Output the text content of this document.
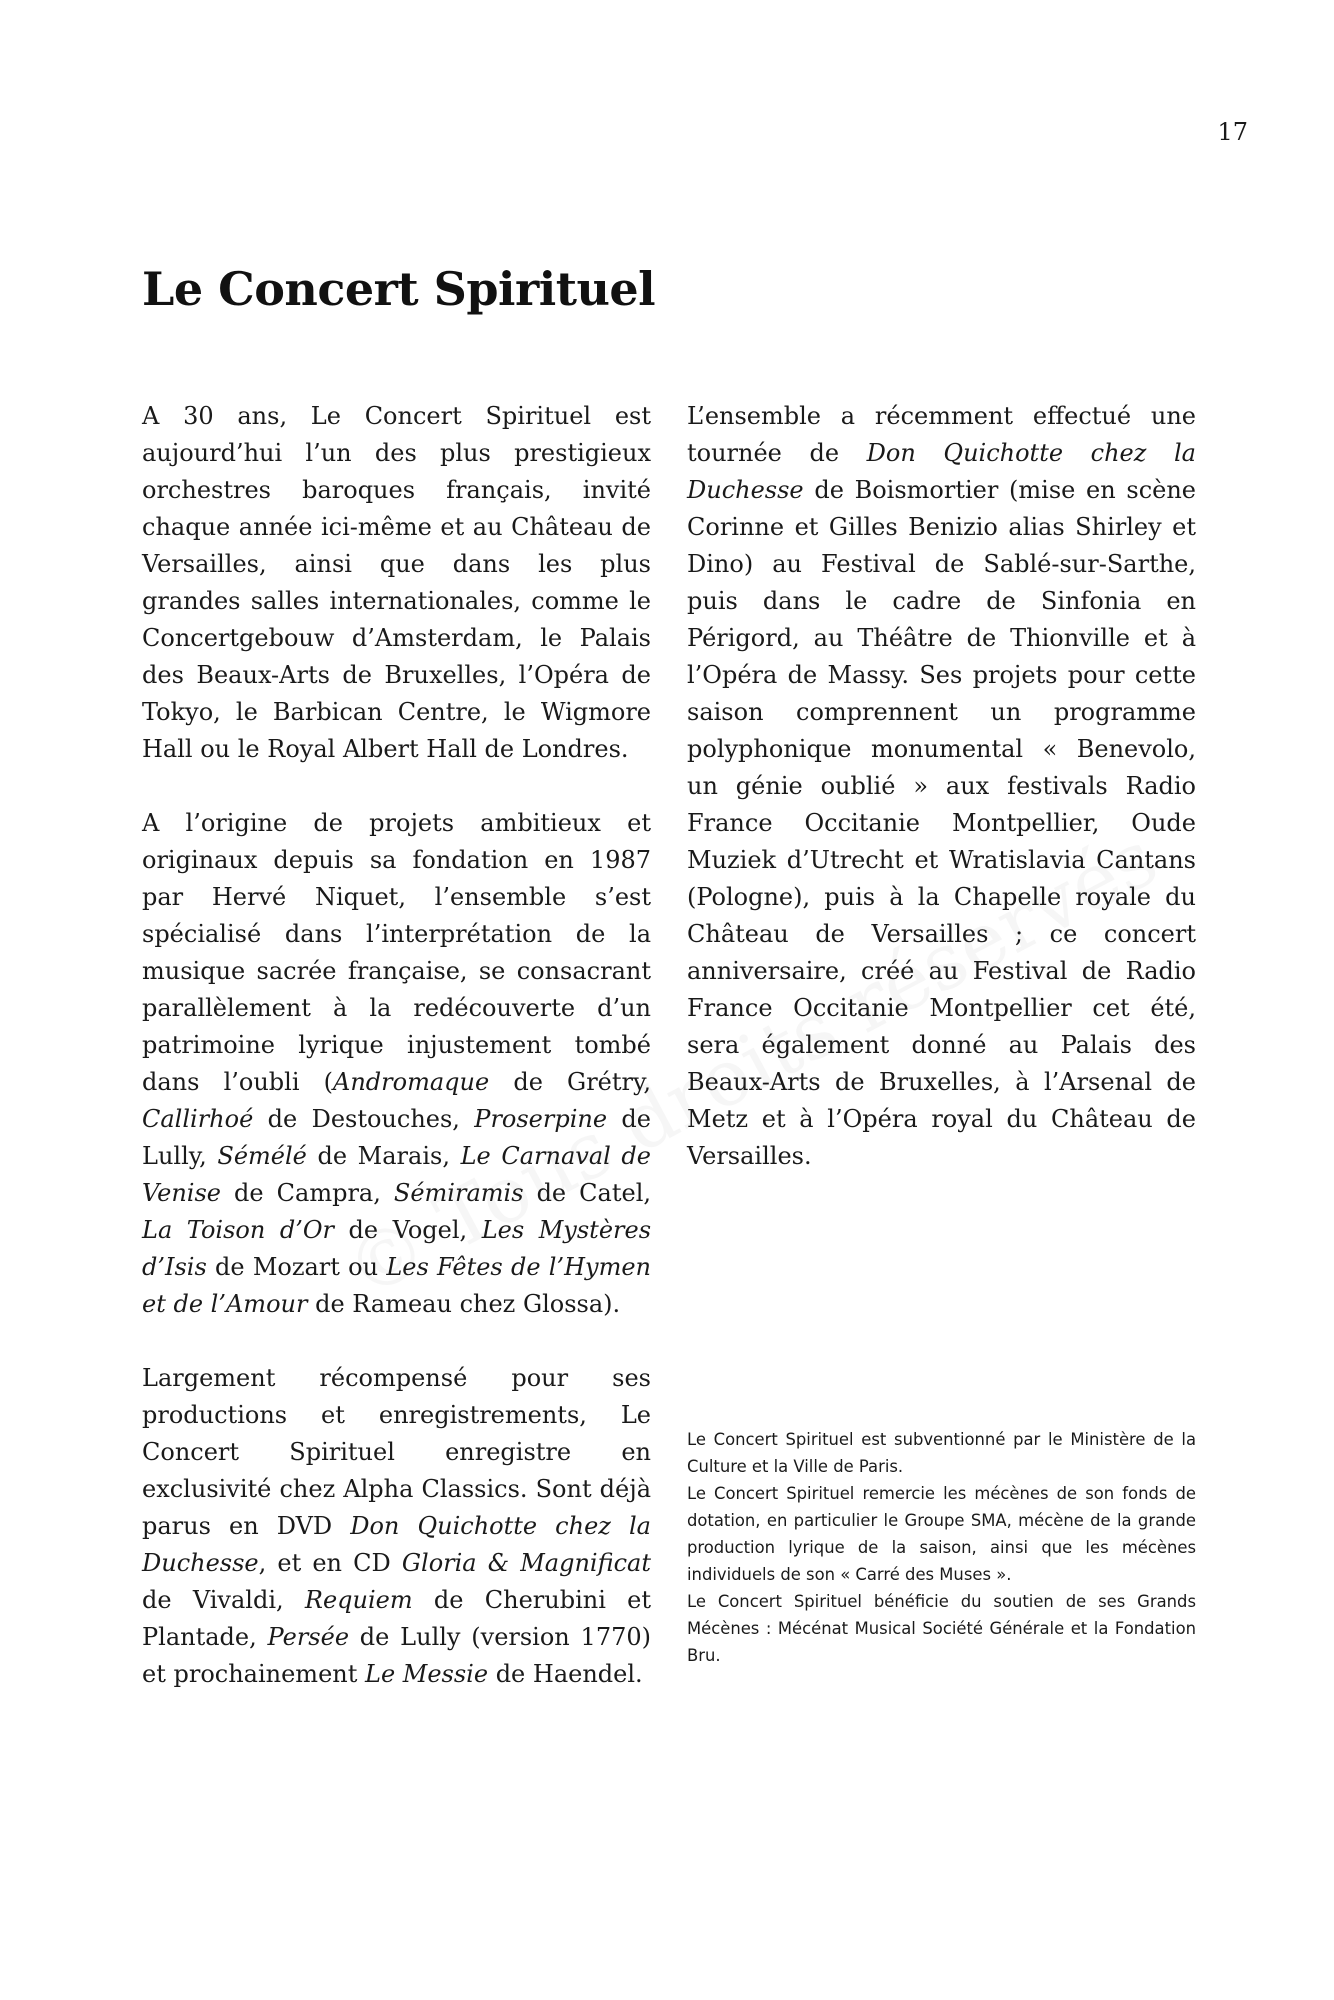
17
Le Concert Spirituel

A 30 ans, Le Concert Spirituel est aujourd’hui l’un des plus prestigieux orchestres baroques français, invité chaque année ici-même et au Château de Versailles, ainsi que dans les plus grandes salles internationales, comme le Concertgebouw d’Amsterdam, le Palais des Beaux-Arts de Bruxelles, l’Opéra de Tokyo, le Barbican Centre, le Wigmore Hall ou le Royal Albert Hall de Londres.

A l’origine de projets ambitieux et originaux depuis sa fondation en 1987 par Hervé Niquet, l’ensemble s’est spécialisé dans l’interprétation de la musique sacrée française, se consacrant parallèlement à la redécouverte d’un patrimoine lyrique injustement tombé dans l’oubli (Andromaque de Grétry, Callirhoé de Destouches, Proserpine de Lully, Sémélé de Marais, Le Carnaval de Venise de Campra, Sémiramis de Catel, La Toison d’Or de Vogel, Les Mystères d’Isis de Mozart ou Les Fêtes de l’Hymen et de l’Amour de Rameau chez Glossa).

Largement récompensé pour ses productions et enregistrements, Le Concert Spirituel enregistre en exclusivité chez Alpha Classics. Sont déjà parus en DVD Don Quichotte chez la Duchesse, et en CD Gloria & Magnificat de Vivaldi, Requiem de Cherubini et Plantade, Persée de Lully (version 1770) et prochainement Le Messie de Haendel.

L’ensemble a récemment effectué une tournée de Don Quichotte chez la Duchesse de Boismortier (mise en scène Corinne et Gilles Benizio alias Shirley et Dino) au Festival de Sablé-sur-Sarthe, puis dans le cadre de Sinfonia en Périgord, au Théâtre de Thionville et à l’Opéra de Massy. Ses projets pour cette saison comprennent un programme polyphonique monumental « Benevolo, un génie oublié » aux festivals Radio France Occitanie Montpellier, Oude Muziek d’Utrecht et Wratislavia Cantans (Pologne), puis à la Chapelle royale du Château de Versailles ; ce concert anniversaire, créé au Festival de Radio France Occitanie Montpellier cet été, sera également donné au Palais des Beaux-Arts de Bruxelles, à l’Arsenal de Metz et à l’Opéra royal du Château de Versailles.

Le Concert Spirituel est subventionné par le Ministère de la Culture et la Ville de Paris.

Le Concert Spirituel remercie les mécènes de son fonds de dotation, en particulier le Groupe SMA, mécène de la grande production lyrique de la saison, ainsi que les mécènes individuels de son « Carré des Muses ».

Le Concert Spirituel bénéficie du soutien de ses Grands Mécènes : Mécénat Musical Société Générale et la Fondation Bru.
